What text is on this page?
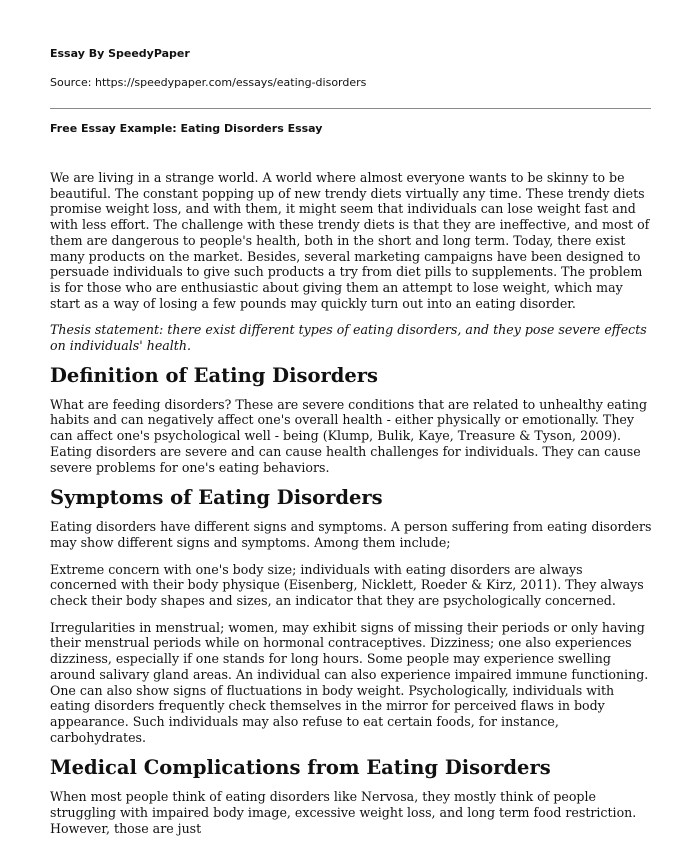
Essay By SpeedyPaper
Source: https://speedypaper.com/essays/eating-disorders
Free Essay Example: Eating Disorders Essay

We are living in a strange world. A world where almost everyone wants to be skinny to be beautiful. The constant popping up of new trendy diets virtually any time. These trendy diets promise weight loss, and with them, it might seem that individuals can lose weight fast and with less effort. The challenge with these trendy diets is that they are ineffective, and most of them are dangerous to people's health, both in the short and long term. Today, there exist many products on the market. Besides, several marketing campaigns have been designed to persuade individuals to give such products a try from diet pills to supplements. The problem is for those who are enthusiastic about giving them an attempt to lose weight, which may start as a way of losing a few pounds may quickly turn out into an eating disorder.

Thesis statement: there exist different types of eating disorders, and they pose severe effects on individuals' health.

Definition of Eating Disorders

What are feeding disorders? These are severe conditions that are related to unhealthy eating habits and can negatively affect one's overall health - either physically or emotionally. They can affect one's psychological well - being (Klump, Bulik, Kaye, Treasure & Tyson, 2009). Eating disorders are severe and can cause health challenges for individuals. They can cause severe problems for one's eating behaviors.

Symptoms of Eating Disorders

Eating disorders have different signs and symptoms. A person suffering from eating disorders may show different signs and symptoms. Among them include;

Extreme concern with one's body size; individuals with eating disorders are always concerned with their body physique (Eisenberg, Nicklett, Roeder & Kirz, 2011). They always check their body shapes and sizes, an indicator that they are psychologically concerned.

Irregularities in menstrual; women, may exhibit signs of missing their periods or only having their menstrual periods while on hormonal contraceptives. Dizziness; one also experiences dizziness, especially if one stands for long hours. Some people may experience swelling around salivary gland areas. An individual can also experience impaired immune functioning. One can also show signs of fluctuations in body weight. Psychologically, individuals with eating disorders frequently check themselves in the mirror for perceived flaws in body appearance. Such individuals may also refuse to eat certain foods, for instance, carbohydrates.

Medical Complications from Eating Disorders

When most people think of eating disorders like Nervosa, they mostly think of people struggling with impaired body image, excessive weight loss, and long term food restriction. However, those are just
